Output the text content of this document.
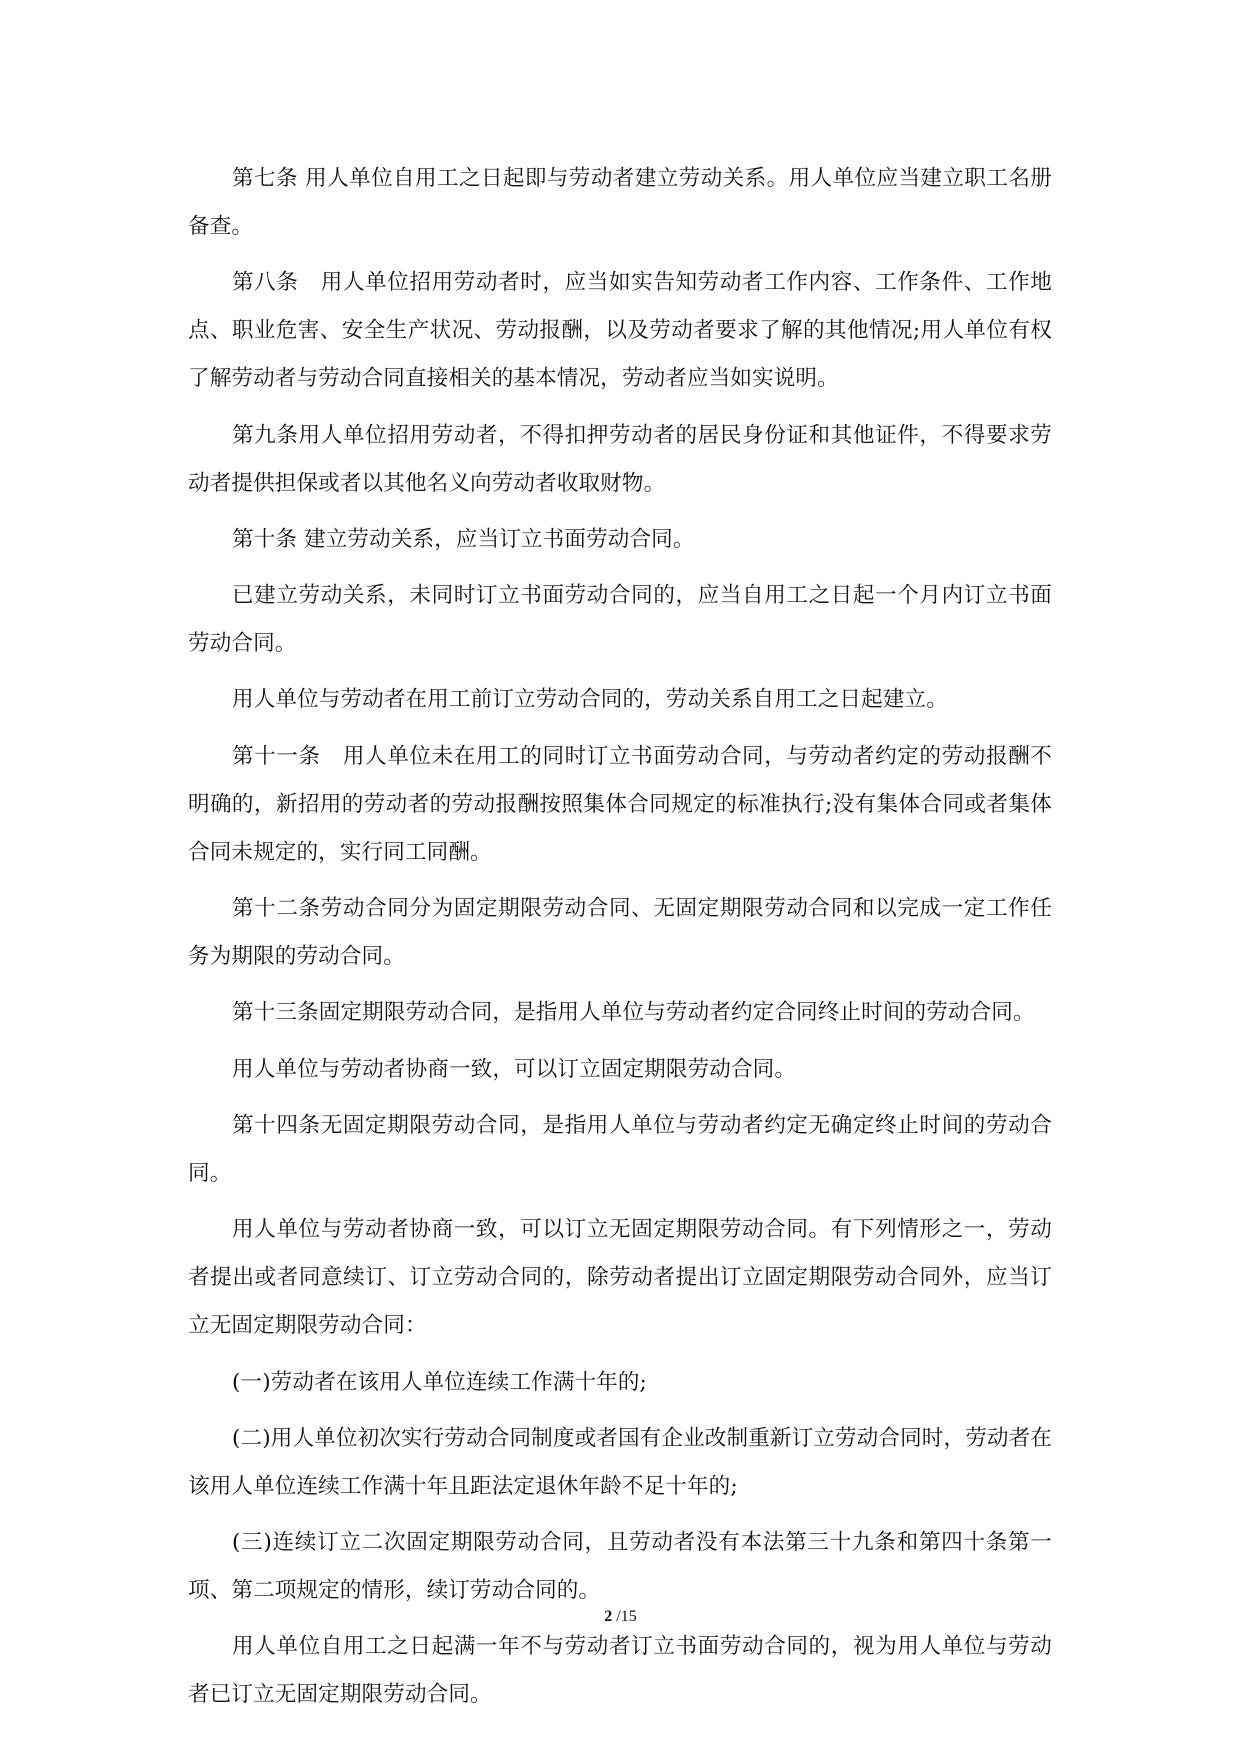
第七条 用人单位自用工之日起即与劳动者建立劳动关系。用人单位应当建立职工名册备查。

第八条　用人单位招用劳动者时，应当如实告知劳动者工作内容、工作条件、工作地点、职业危害、安全生产状况、劳动报酬，以及劳动者要求了解的其他情况;用人单位有权了解劳动者与劳动合同直接相关的基本情况，劳动者应当如实说明。

第九条用人单位招用劳动者，不得扣押劳动者的居民身份证和其他证件，不得要求劳动者提供担保或者以其他名义向劳动者收取财物。

第十条 建立劳动关系，应当订立书面劳动合同。

已建立劳动关系，未同时订立书面劳动合同的，应当自用工之日起一个月内订立书面劳动合同。

用人单位与劳动者在用工前订立劳动合同的，劳动关系自用工之日起建立。

第十一条　用人单位未在用工的同时订立书面劳动合同，与劳动者约定的劳动报酬不明确的，新招用的劳动者的劳动报酬按照集体合同规定的标准执行;没有集体合同或者集体合同未规定的，实行同工同酬。

第十二条劳动合同分为固定期限劳动合同、无固定期限劳动合同和以完成一定工作任务为期限的劳动合同。

第十三条固定期限劳动合同，是指用人单位与劳动者约定合同终止时间的劳动合同。

用人单位与劳动者协商一致，可以订立固定期限劳动合同。

第十四条无固定期限劳动合同，是指用人单位与劳动者约定无确定终止时间的劳动合同。

用人单位与劳动者协商一致，可以订立无固定期限劳动合同。有下列情形之一，劳动者提出或者同意续订、订立劳动合同的，除劳动者提出订立固定期限劳动合同外，应当订立无固定期限劳动合同：

(一)劳动者在该用人单位连续工作满十年的;

(二)用人单位初次实行劳动合同制度或者国有企业改制重新订立劳动合同时，劳动者在该用人单位连续工作满十年且距法定退休年龄不足十年的;

(三)连续订立二次固定期限劳动合同，且劳动者没有本法第三十九条和第四十条第一项、第二项规定的情形，续订劳动合同的。

用人单位自用工之日起满一年不与劳动者订立书面劳动合同的，视为用人单位与劳动者已订立无固定期限劳动合同。

2 /15
